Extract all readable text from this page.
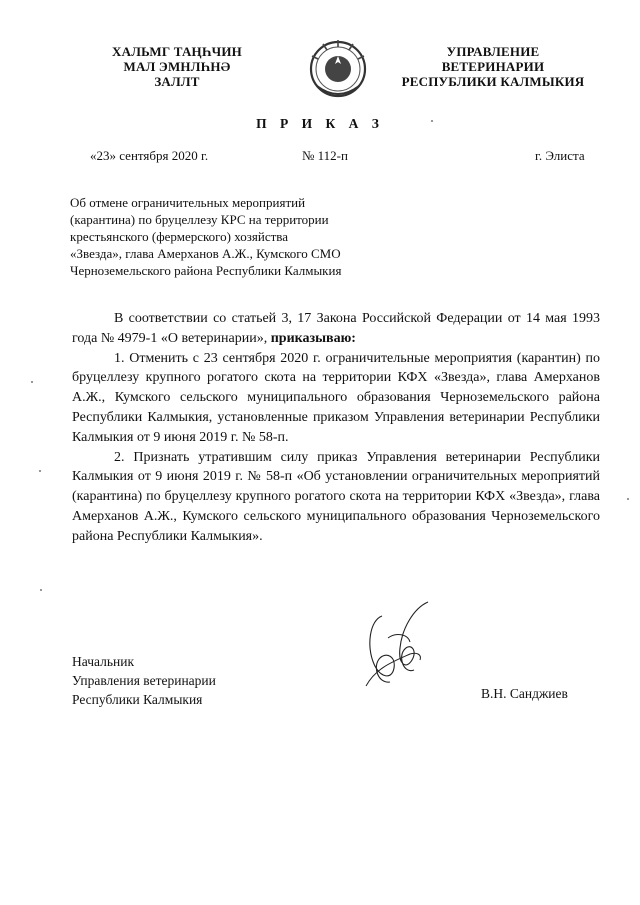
ХАЛЬМГ ТАҢҺЧИН
МАЛ ЭМНЛҺНӘ
ЗАЛЛТ
УПРАВЛЕНИЕ
ВЕТЕРИНАРИИ
РЕСПУБЛИКИ КАЛМЫКИЯ
П Р И К А З
«23» сентября 2020 г.	№ 112-п	г. Элиста
Об отмене ограничительных мероприятий
(карантина) по бруцеллезу КРС на территории
крестьянского (фермерского) хозяйства
«Звезда», глава Амерханов А.Ж., Кумского СМО
Черноземельского района Республики Калмыкия

В соответствии со статьей 3, 17 Закона Российской Федерации от 14 мая 1993 года № 4979-1 «О ветеринарии», приказываю:

1. Отменить с 23 сентября 2020 г. ограничительные мероприятия (карантин) по бруцеллезу крупного рогатого скота на территории КФХ «Звезда», глава Амерханов А.Ж., Кумского сельского муниципального образования Черноземельского района Республики Калмыкия, установленные приказом Управления ветеринарии Республики Калмыкия от 9 июня 2019 г. № 58-п.

2. Признать утратившим силу приказ Управления ветеринарии Республики Калмыкия от 9 июня 2019 г. № 58-п «Об установлении ограничительных мероприятий (карантина) по бруцеллезу крупного рогатого скота на территории КФХ «Звезда», глава Амерханов А.Ж., Кумского сельского муниципального образования Черноземельского района Республики Калмыкия».

Начальник
Управления ветеринарии
Республики Калмыкия	В.Н. Санджиев
